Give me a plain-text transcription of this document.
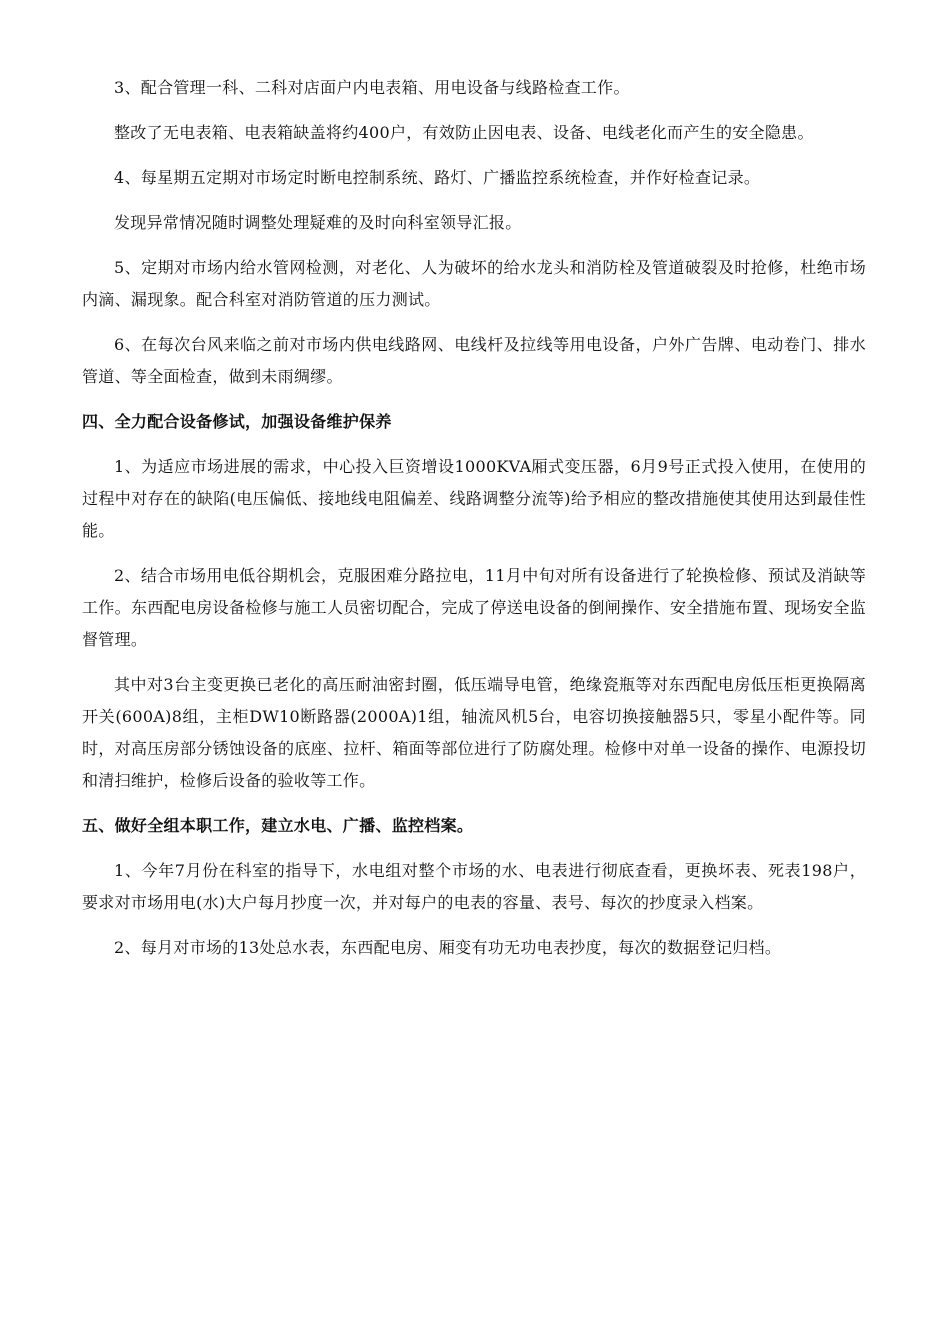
3、配合管理一科、二科对店面户内电表箱、用电设备与线路检查工作。

整改了无电表箱、电表箱缺盖将约400户，有效防止因电表、设备、电线老化而产生的安全隐患。

4、每星期五定期对市场定时断电控制系统、路灯、广播监控系统检查，并作好检查记录。

发现异常情况随时调整处理疑难的及时向科室领导汇报。

5、定期对市场内给水管网检测，对老化、人为破坏的给水龙头和消防栓及管道破裂及时抢修，杜绝市场内滴、漏现象。配合科室对消防管道的压力测试。

6、在每次台风来临之前对市场内供电线路网、电线杆及拉线等用电设备，户外广告牌、电动卷门、排水管道、等全面检查，做到未雨绸缪。

四、全力配合设备修试，加强设备维护保养

1、为适应市场进展的需求，中心投入巨资增设1000KVA厢式变压器，6月9号正式投入使用，在使用的过程中对存在的缺陷(电压偏低、接地线电阻偏差、线路调整分流等)给予相应的整改措施使其使用达到最佳性能。

2、结合市场用电低谷期机会，克服困难分路拉电，11月中旬对所有设备进行了轮换检修、预试及消缺等工作。东西配电房设备检修与施工人员密切配合，完成了停送电设备的倒闸操作、安全措施布置、现场安全监督管理。

其中对3台主变更换已老化的高压耐油密封圈，低压端导电管，绝缘瓷瓶等对东西配电房低压柜更换隔离开关(600A)8组，主柜DW10断路器(2000A)1组，轴流风机5台，电容切换接触器5只，零星小配件等。同时，对高压房部分锈蚀设备的底座、拉杆、箱面等部位进行了防腐处理。检修中对单一设备的操作、电源投切和清扫维护，检修后设备的验收等工作。

五、做好全组本职工作，建立水电、广播、监控档案。

1、今年7月份在科室的指导下，水电组对整个市场的水、电表进行彻底查看，更换坏表、死表198户，要求对市场用电(水)大户每月抄度一次，并对每户的电表的容量、表号、每次的抄度录入档案。

2、每月对市场的13处总水表，东西配电房、厢变有功无功电表抄度，每次的数据登记归档。
